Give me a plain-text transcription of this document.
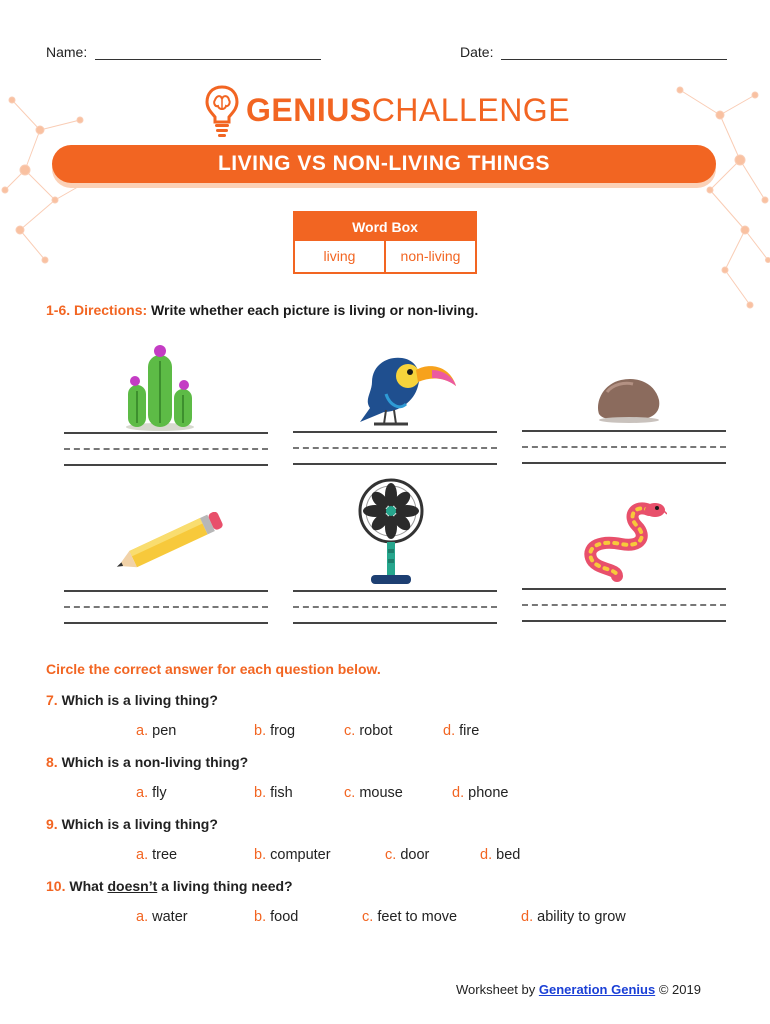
Name:	Date:
GENIUSCHALLENGE
LIVING VS NON-LIVING THINGS
Word Box
living	non-living
1-6. Directions: Write whether each picture is living or non-living.
Circle the correct answer for each question below.
7. Which is a living thing?
a. pen	b. frog	c. robot	d. fire
8. Which is a non-living thing?
a. fly	b. fish	c. mouse	d. phone
9. Which is a living thing?
a. tree	b. computer	c. door	d. bed
10. What doesn’t a living thing need?
a. water	b. food	c. feet to move	d. ability to grow
Worksheet by Generation Genius © 2019
